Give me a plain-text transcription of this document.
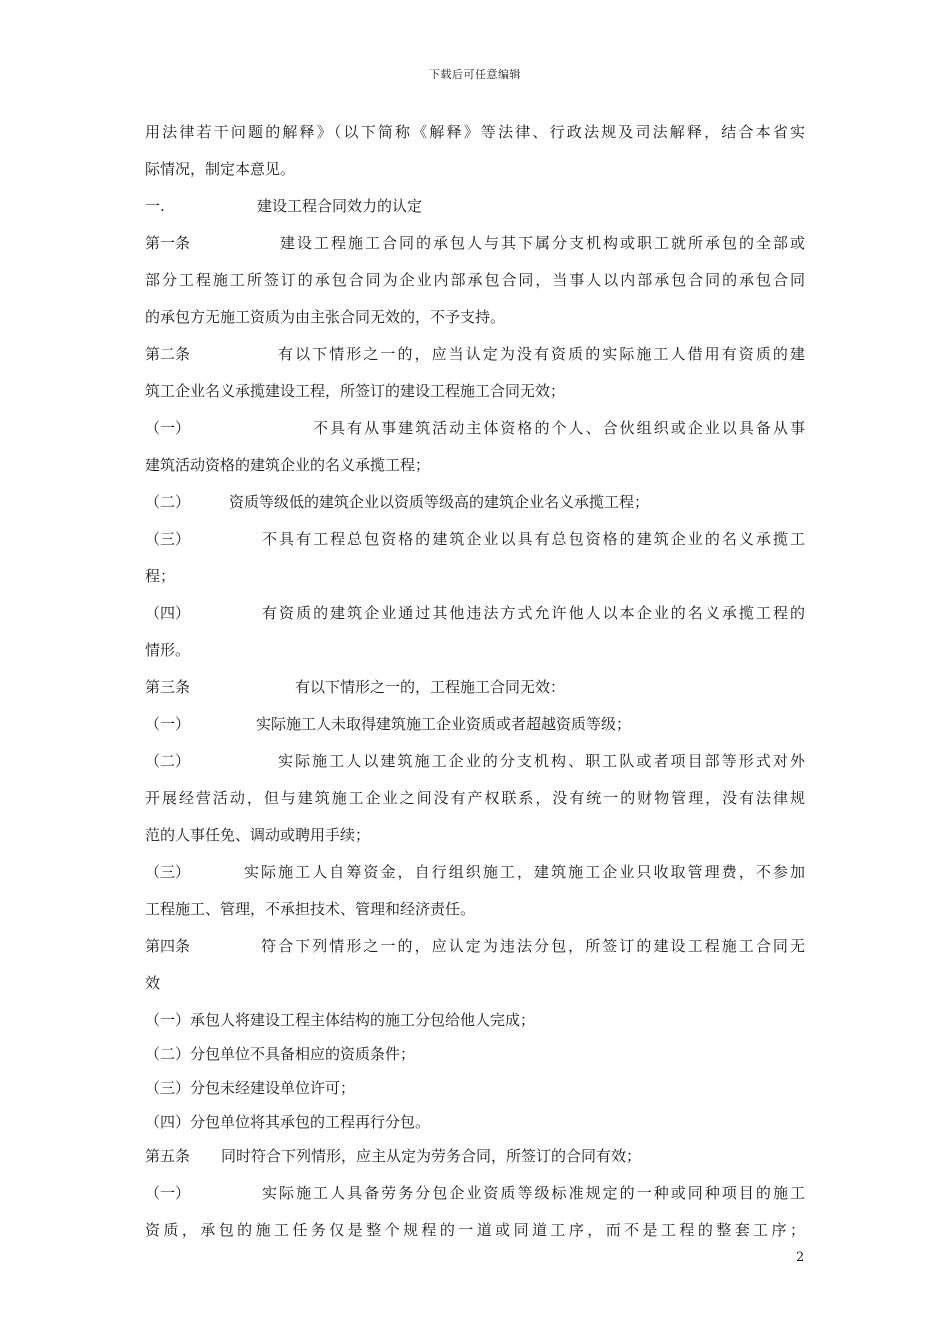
下载后可任意编辑
用法律若干问题的解释》（以下简称《解释》等法律、行政法规及司法解释，结合本省实
际情况，制定本意见。
一.	建设工程合同效力的认定
第一条	建设工程施工合同的承包人与其下属分支机构或职工就所承包的全部或
部分工程施工所签订的承包合同为企业内部承包合同，当事人以内部承包合同的承包合同
的承包方无施工资质为由主张合同无效的，不予支持。
第二条	有以下情形之一的，应当认定为没有资质的实际施工人借用有资质的建
筑工企业名义承揽建设工程，所签订的建设工程施工合同无效；
（一）	不具有从事建筑活动主体资格的个人、合伙组织或企业以具备从事
建筑活动资格的建筑企业的名义承揽工程；
（二）	资质等级低的建筑企业以资质等级高的建筑企业名义承揽工程；
（三）	不具有工程总包资格的建筑企业以具有总包资格的建筑企业的名义承揽工
程；
（四）	有资质的建筑企业通过其他违法方式允许他人以本企业的名义承揽工程的
情形。
第三条	有以下情形之一的，工程施工合同无效：
（一）	实际施工人未取得建筑施工企业资质或者超越资质等级；
（二）	实际施工人以建筑施工企业的分支机构、职工队或者项目部等形式对外
开展经营活动，但与建筑施工企业之间没有产权联系，没有统一的财物管理，没有法律规
范的人事任免、调动或聘用手续；
（三）	实际施工人自筹资金，自行组织施工，建筑施工企业只收取管理费，不参加
工程施工、管理，不承担技术、管理和经济责任。
第四条	符合下列情形之一的，应认定为违法分包，所签订的建设工程施工合同无
效
（一）承包人将建设工程主体结构的施工分包给他人完成；
（二）分包单位不具备相应的资质条件；
（三）分包未经建设单位许可；
（四）分包单位将其承包的工程再行分包。
第五条	同时符合下列情形，应主从定为劳务合同，所签订的合同有效；
（一）	实际施工人具备劳务分包企业资质等级标准规定的一种或同种项目的施工
资质，承包的施工任务仅是整个规程的一道或同道工序，而不是工程的整套工序；
2
